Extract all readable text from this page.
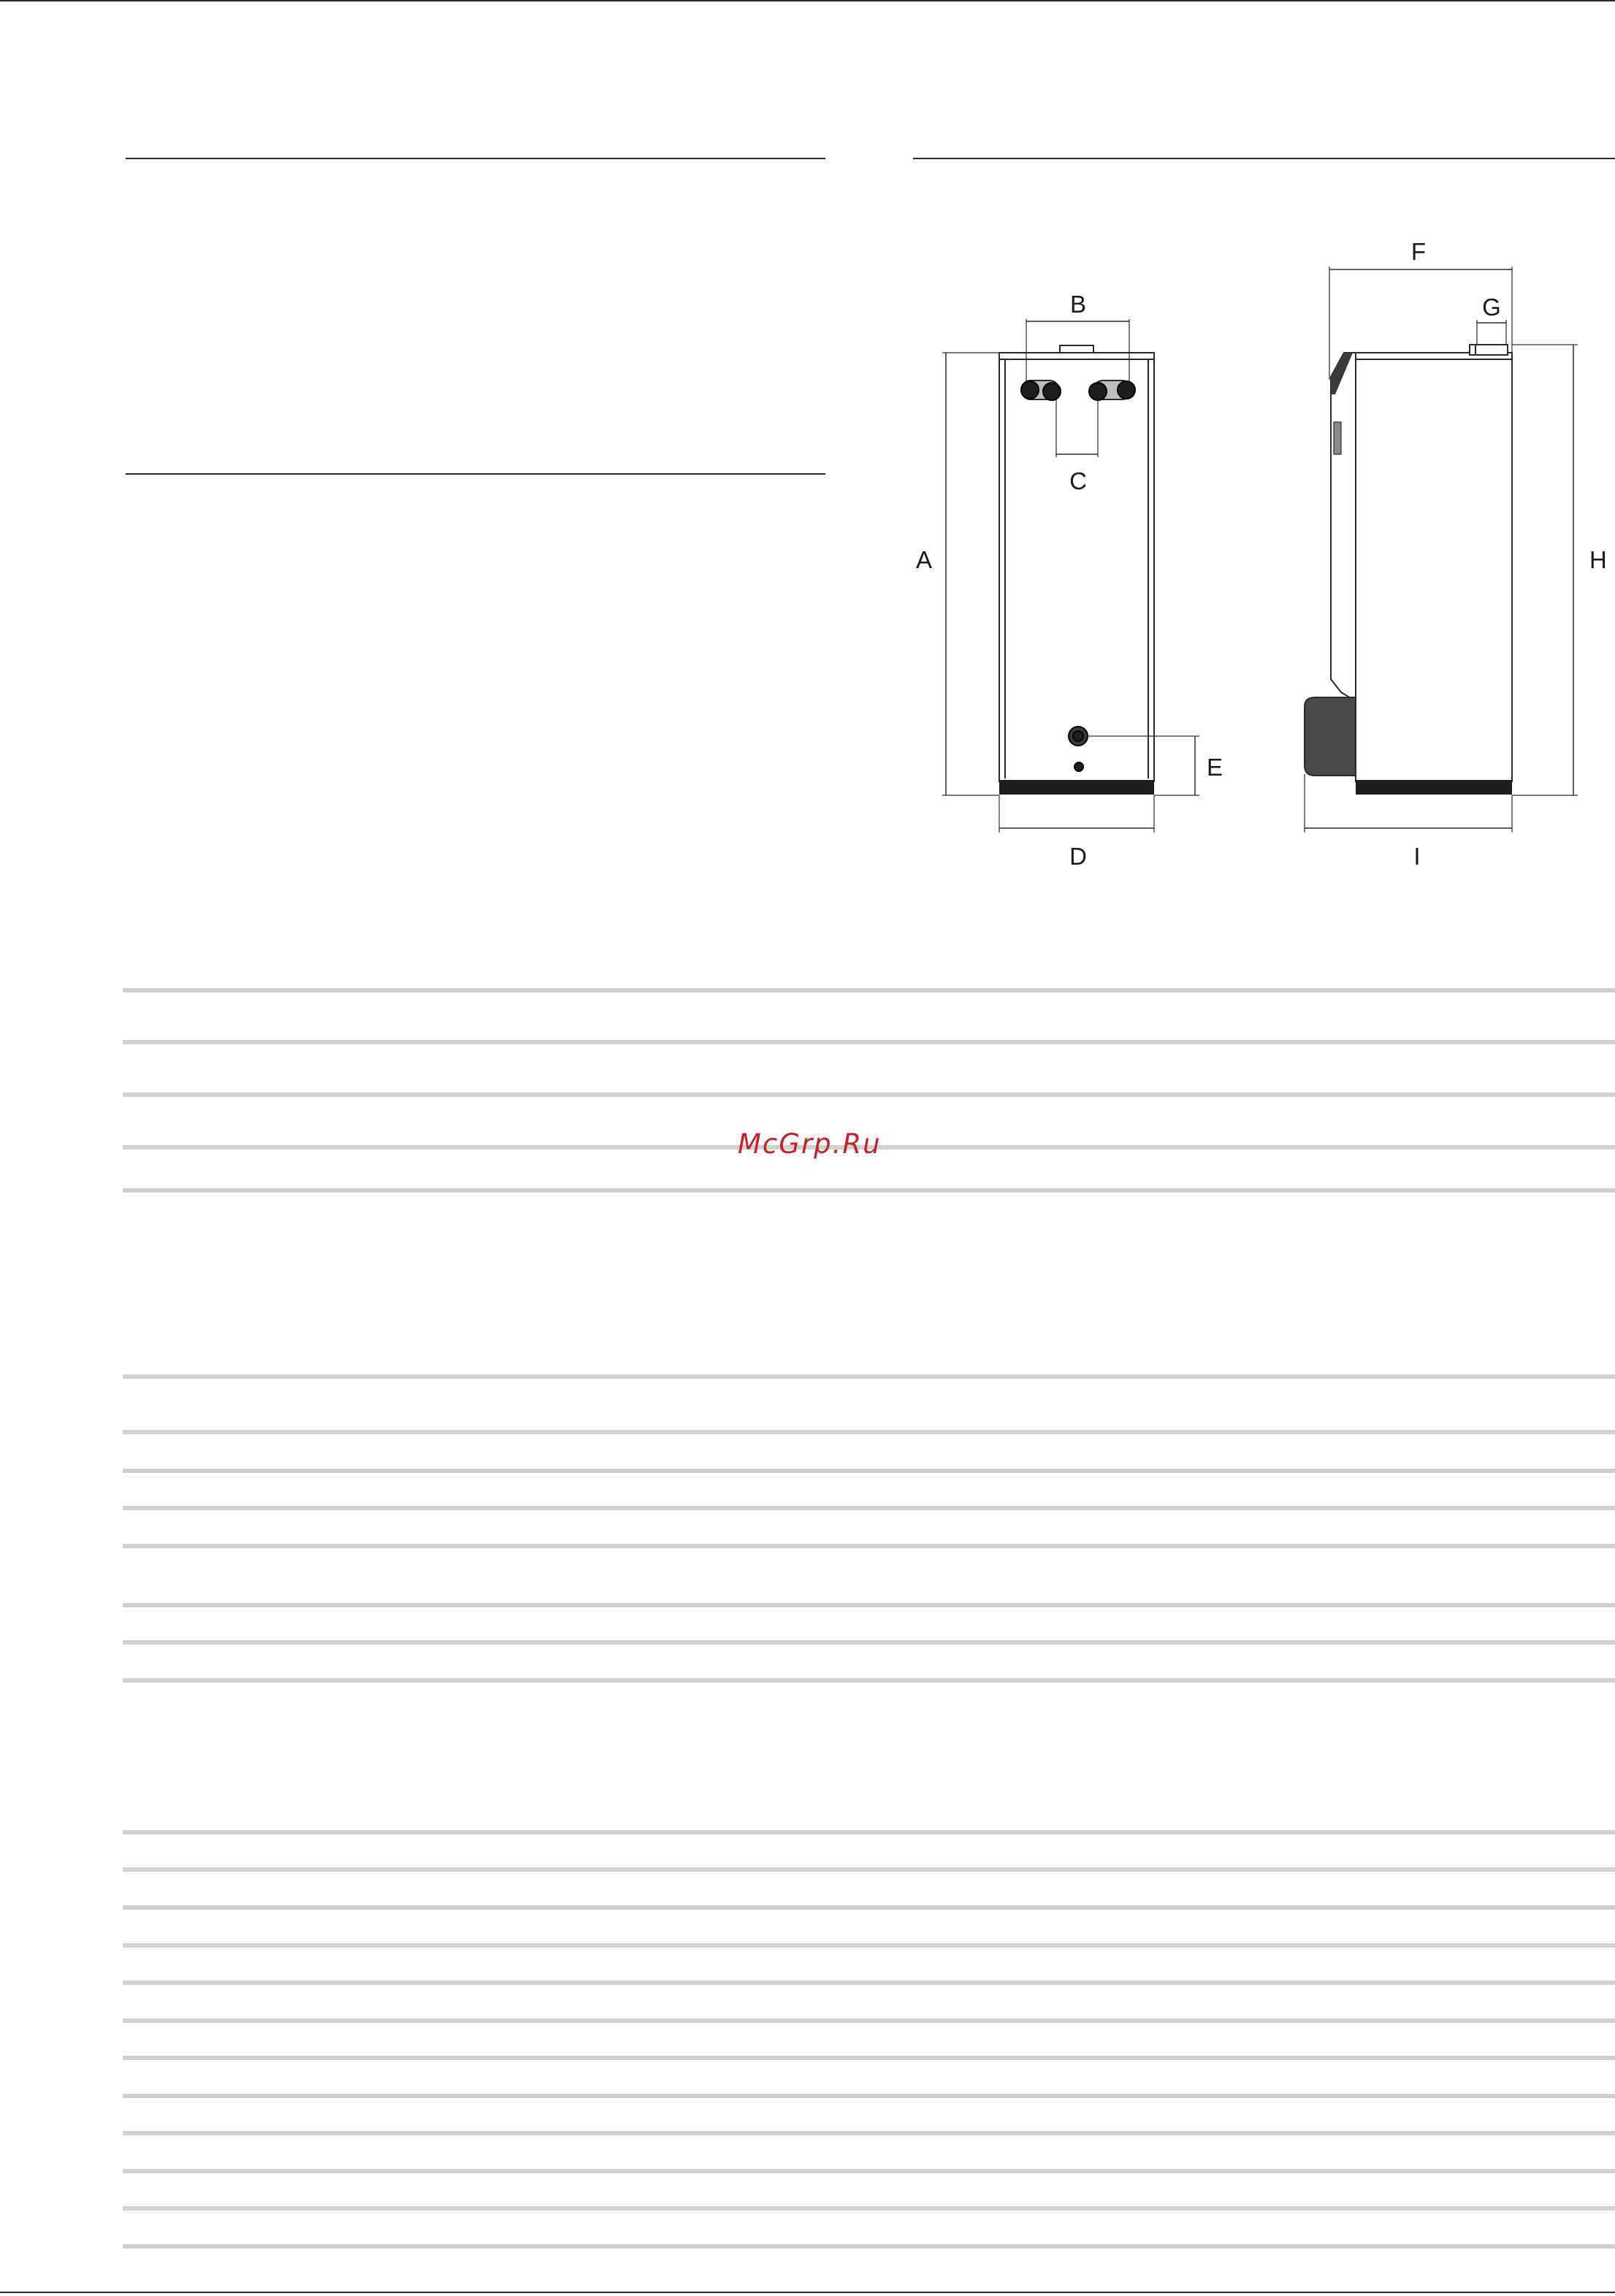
A
B
C
D
E
F
G
H
I
McGrp.Ru
